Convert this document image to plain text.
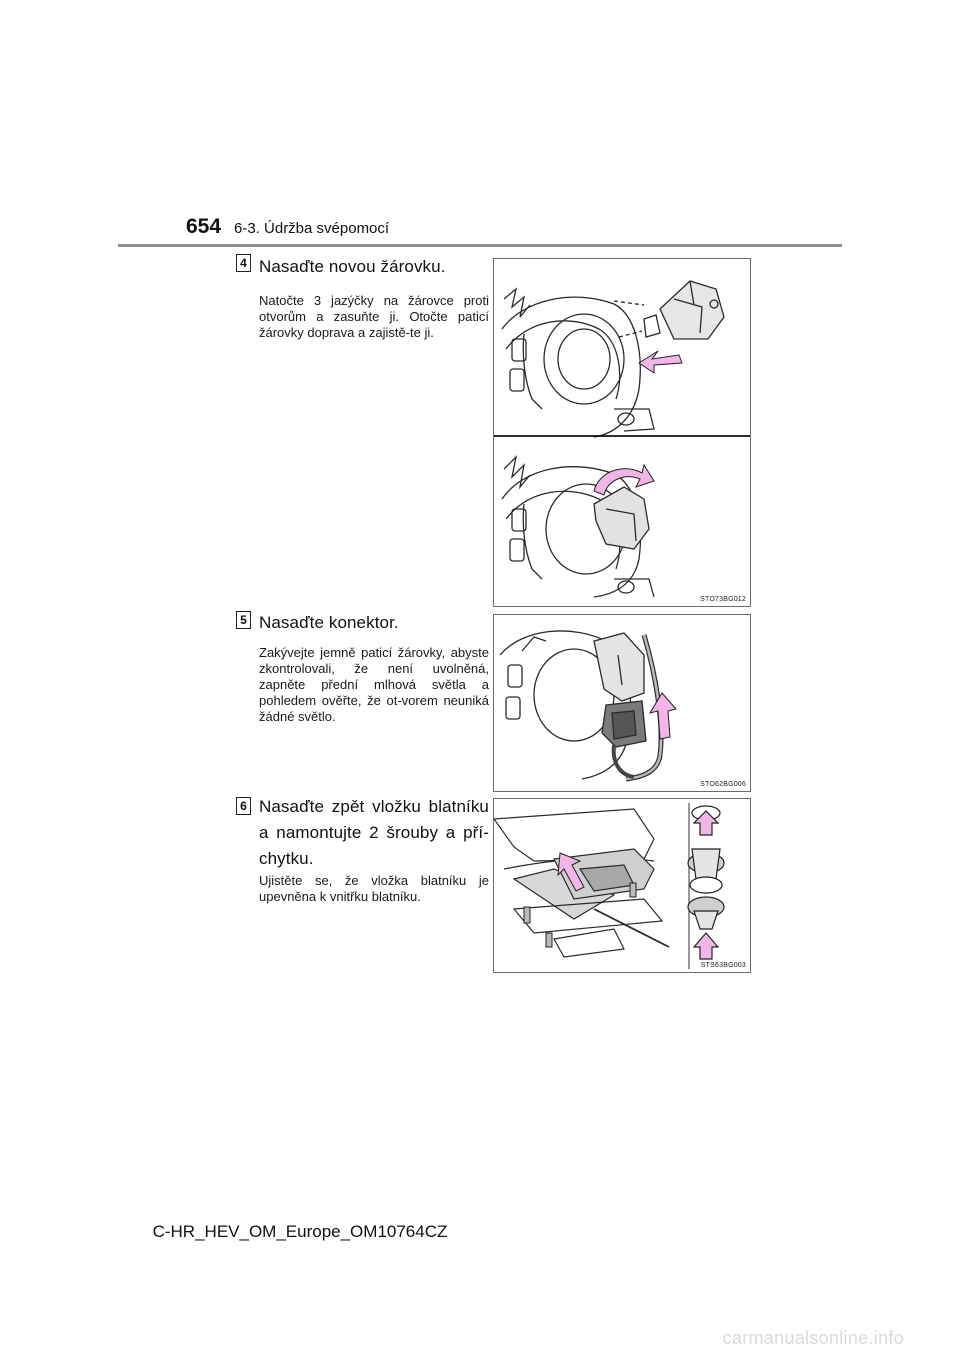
654 6-3. Údržba svépomocí
4 Nasaďte novou žárovku.
Natočte 3 jazýčky na žárovce proti otvorům a zasuňte ji. Otočte paticí žárovky doprava a zajistě-te ji.
STO73BG012
5 Nasaďte konektor.
Zakývejte jemně paticí žárovky, abyste zkontrolovali, že není uvolněná, zapněte přední mlhová světla a pohledem ověřte, že ot-vorem neuniká žádné světlo.
STO62BG006
6 Nasaďte zpět vložku blatníku a namontujte 2 šrouby a pří-chytku.
Ujistěte se, že vložka blatníku je upevněna k vnitřku blatníku.
STS63BG003
C-HR_HEV_OM_Europe_OM10764CZ
carmanualsonline.info
